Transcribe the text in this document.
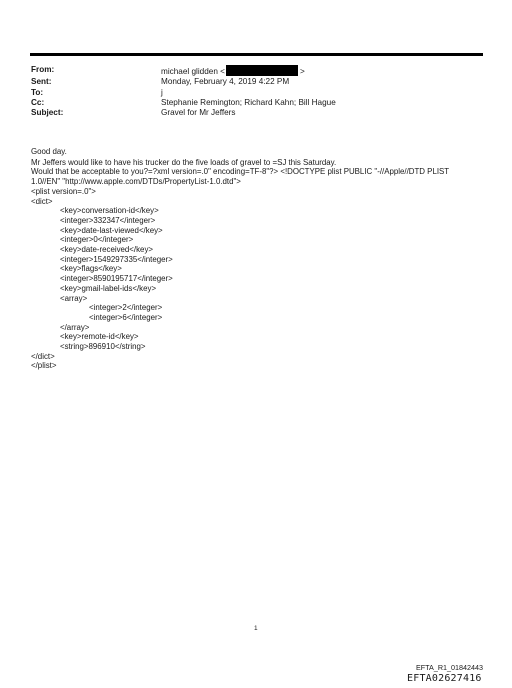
From:	michael glidden <	>
Sent:	Monday, February 4, 2019 4:22 PM
To:	j
Cc:	Stephanie Remington; Richard Kahn; Bill Hague
Subject:	Gravel for Mr Jeffers
Good day.
Mr Jeffers would like to have his trucker do the five loads of gravel to =SJ this Saturday.
Would that be acceptable to you?=?xml version=.0" encoding=TF-8"?> <!DOCTYPE plist PUBLIC "-//Apple//DTD PLIST
1.0//EN" "http://www.apple.com/DTDs/PropertyList-1.0.dtd">
<plist version=.0">
<dict>
<key>conversation-id</key>
<integer>332347</integer>
<key>date-last-viewed</key>
<integer>0</integer>
<key>date-received</key>
<integer>1549297335</integer>
<key>flags</key>
<integer>8590195717</integer>
<key>gmail-label-ids</key>
<array>
<integer>2</integer>
<integer>6</integer>
</array>
<key>remote-id</key>
<string>896910</string>
</dict>
</plist>
1
EFTA_R1_01842443
EFTA02627416
